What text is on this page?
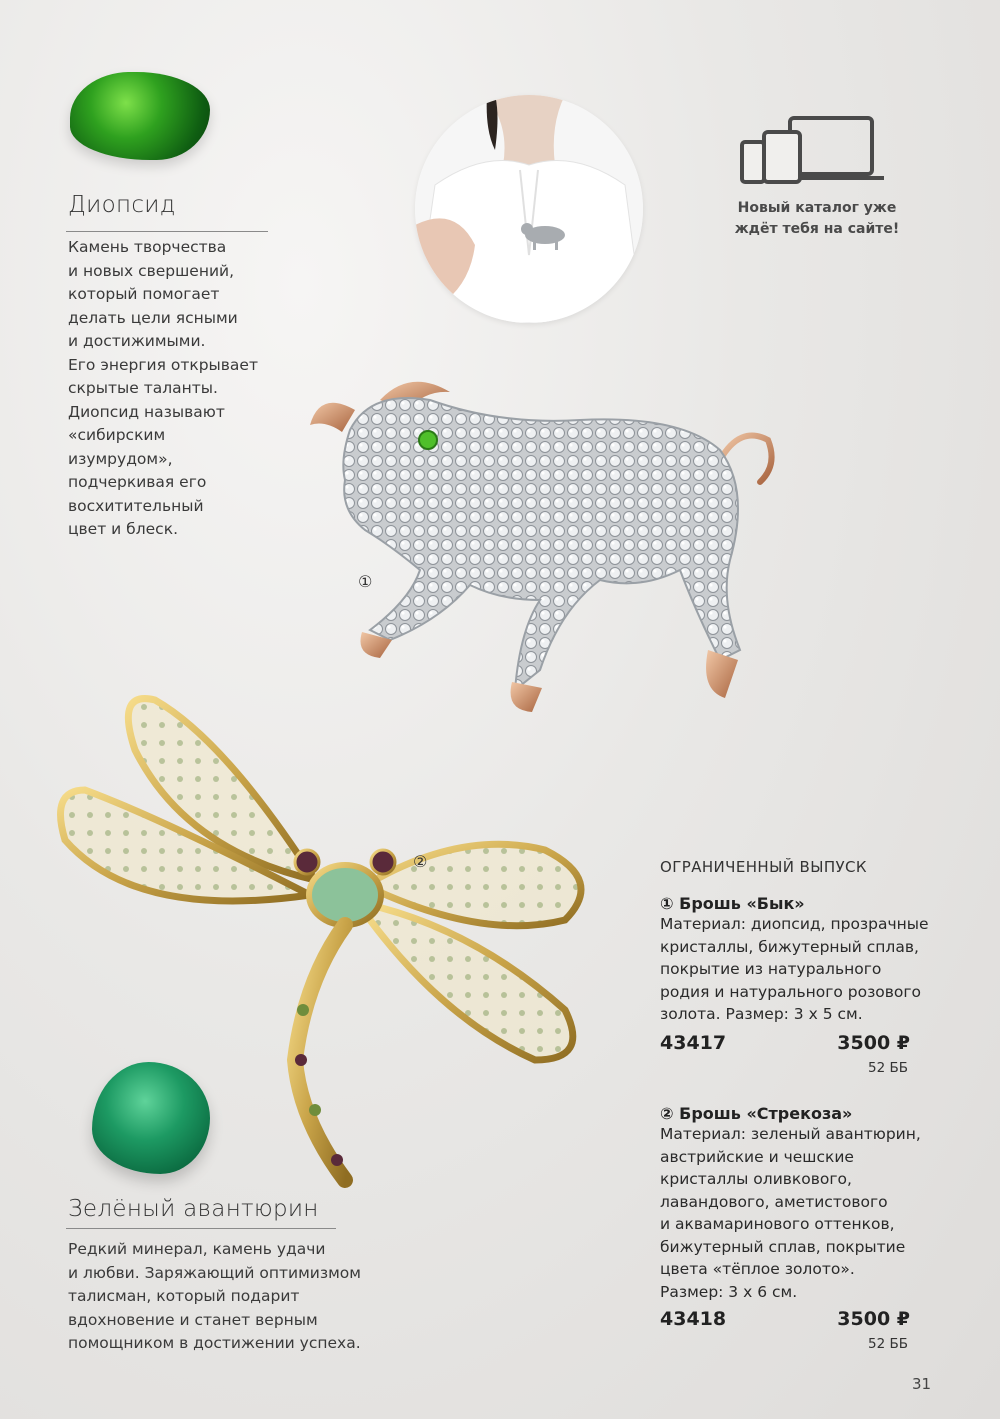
Диопсид

Камень творчества

и новых свершений,

который помогает

делать цели ясными

и достижимыми.

Его энергия открывает

скрытые таланты.

Диопсид называют

«сибирским

изумрудом»,

подчеркивая его

восхитительный

цвет и блеск.

Новый каталог уже
ждёт тебя на сайте!
①
②
Зелёный авантюрин

Редкий минерал, камень удачи

и любви. Заряжающий оптимизмом

талисман, который подарит

вдохновение и станет верным

помощником в достижении успеха.

ОГРАНИЧЕННЫЙ ВЫПУСК

① Брошь «Бык»

Материал: диопсид, прозрачные

кристаллы, бижутерный сплав,

покрытие из натурального

родия и натурального розового

золота. Размер: 3 х 5 см.

43417	3500 ₽
52 ББ

② Брошь «Стрекоза»

Материал: зеленый авантюрин,

австрийские и чешские

кристаллы оливкового,

лавандового, аметистового

и аквамаринового оттенков,

бижутерный сплав, покрытие

цвета «тёплое золото».

Размер: 3 х 6 см.

43418	3500 ₽
52 ББ
31
